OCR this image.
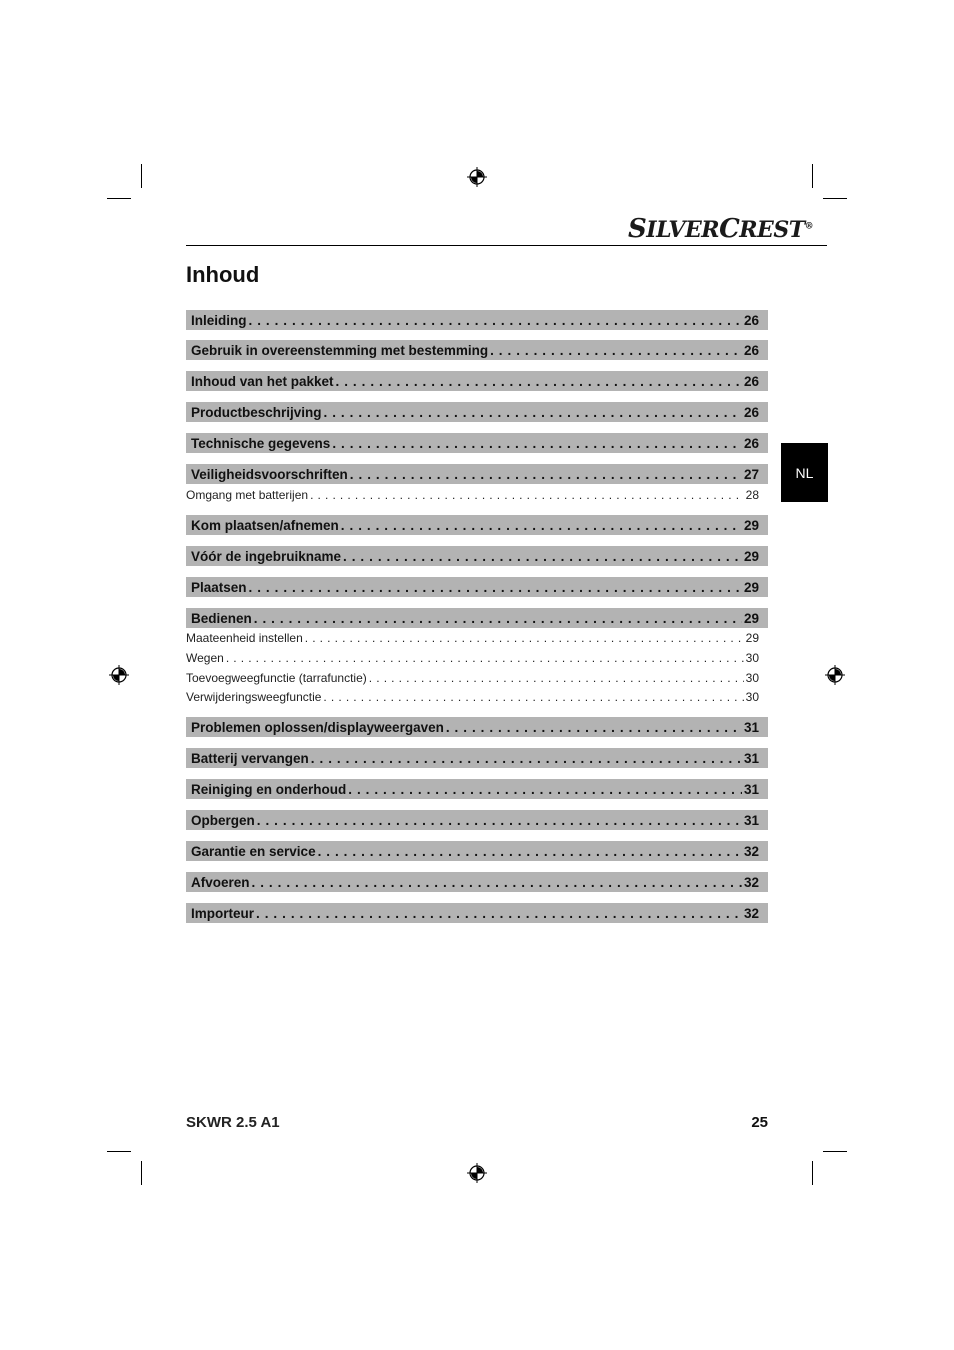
SILVERCREST®
Inhoud
NL
Inleiding . . .	26
Gebruik in overeenstemming met bestemming . . .	26
Inhoud van het pakket . . .	26
Productbeschrijving . . .	26
Technische gegevens . . .	26
Veiligheidsvoorschriften . . .	27
Omgang met batterijen . . .	28
Kom plaatsen/afnemen . . .	29
Vóór de ingebruikname . . .	29
Plaatsen . . .	29
Bedienen . . .	29
Maateenheid instellen . . .	29
Wegen . . .	30
Toevoegweegfunctie (tarrafunctie) . . .	30
Verwijderingsweegfunctie . . .	30
Problemen oplossen/displayweergaven . . .	31
Batterij vervangen . . .	31
Reiniging en onderhoud . . .	31
Opbergen . . .	31
Garantie en service . . .	32
Afvoeren . . .	32
Importeur . . .	32
SKWR 2.5 A1	25
